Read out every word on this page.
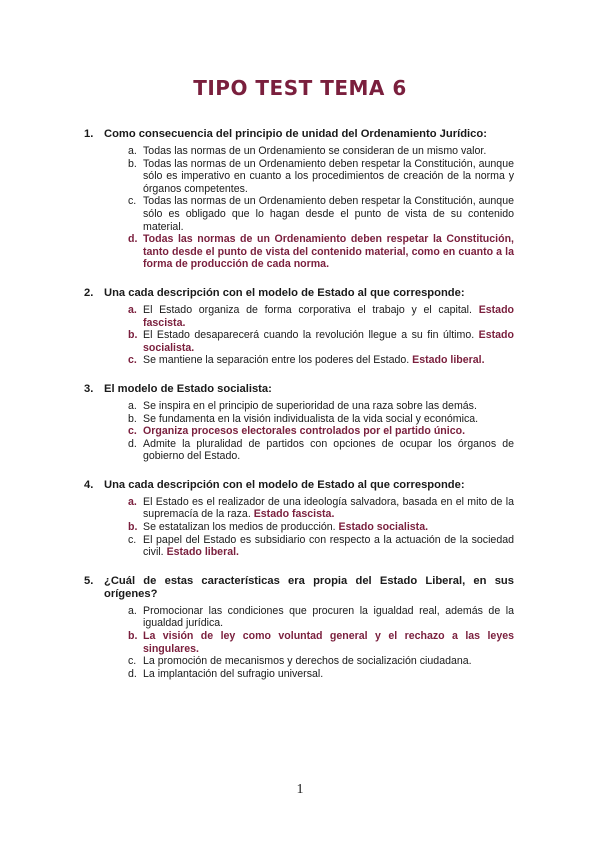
TIPO TEST TEMA 6
1. Como consecuencia del principio de unidad del Ordenamiento Jurídico:
a. Todas las normas de un Ordenamiento se consideran de un mismo valor.
b. Todas las normas de un Ordenamiento deben respetar la Constitución, aunque sólo es imperativo en cuanto a los procedimientos de creación de la norma y órganos competentes.
c. Todas las normas de un Ordenamiento deben respetar la Constitución, aunque sólo es obligado que lo hagan desde el punto de vista de su contenido material.
d. Todas las normas de un Ordenamiento deben respetar la Constitución, tanto desde el punto de vista del contenido material, como en cuanto a la forma de producción de cada norma.
2. Una cada descripción con el modelo de Estado al que corresponde:
a. El Estado organiza de forma corporativa el trabajo y el capital. Estado fascista.
b. El Estado desaparecerá cuando la revolución llegue a su fin último. Estado socialista.
c. Se mantiene la separación entre los poderes del Estado. Estado liberal.
3. El modelo de Estado socialista:
a. Se inspira en el principio de superioridad de una raza sobre las demás.
b. Se fundamenta en la visión individualista de la vida social y económica.
c. Organiza procesos electorales controlados por el partido único.
d. Admite la pluralidad de partidos con opciones de ocupar los órganos de gobierno del Estado.
4. Una cada descripción con el modelo de Estado al que corresponde:
a. El Estado es el realizador de una ideología salvadora, basada en el mito de la supremacía de la raza. Estado fascista.
b. Se estatalizan los medios de producción. Estado socialista.
c. El papel del Estado es subsidiario con respecto a la actuación de la sociedad civil. Estado liberal.
5. ¿Cuál de estas características era propia del Estado Liberal, en sus orígenes?
a. Promocionar las condiciones que procuren la igualdad real, además de la igualdad jurídica.
b. La visión de ley como voluntad general y el rechazo a las leyes singulares.
c. La promoción de mecanismos y derechos de socialización ciudadana.
d. La implantación del sufragio universal.
1
